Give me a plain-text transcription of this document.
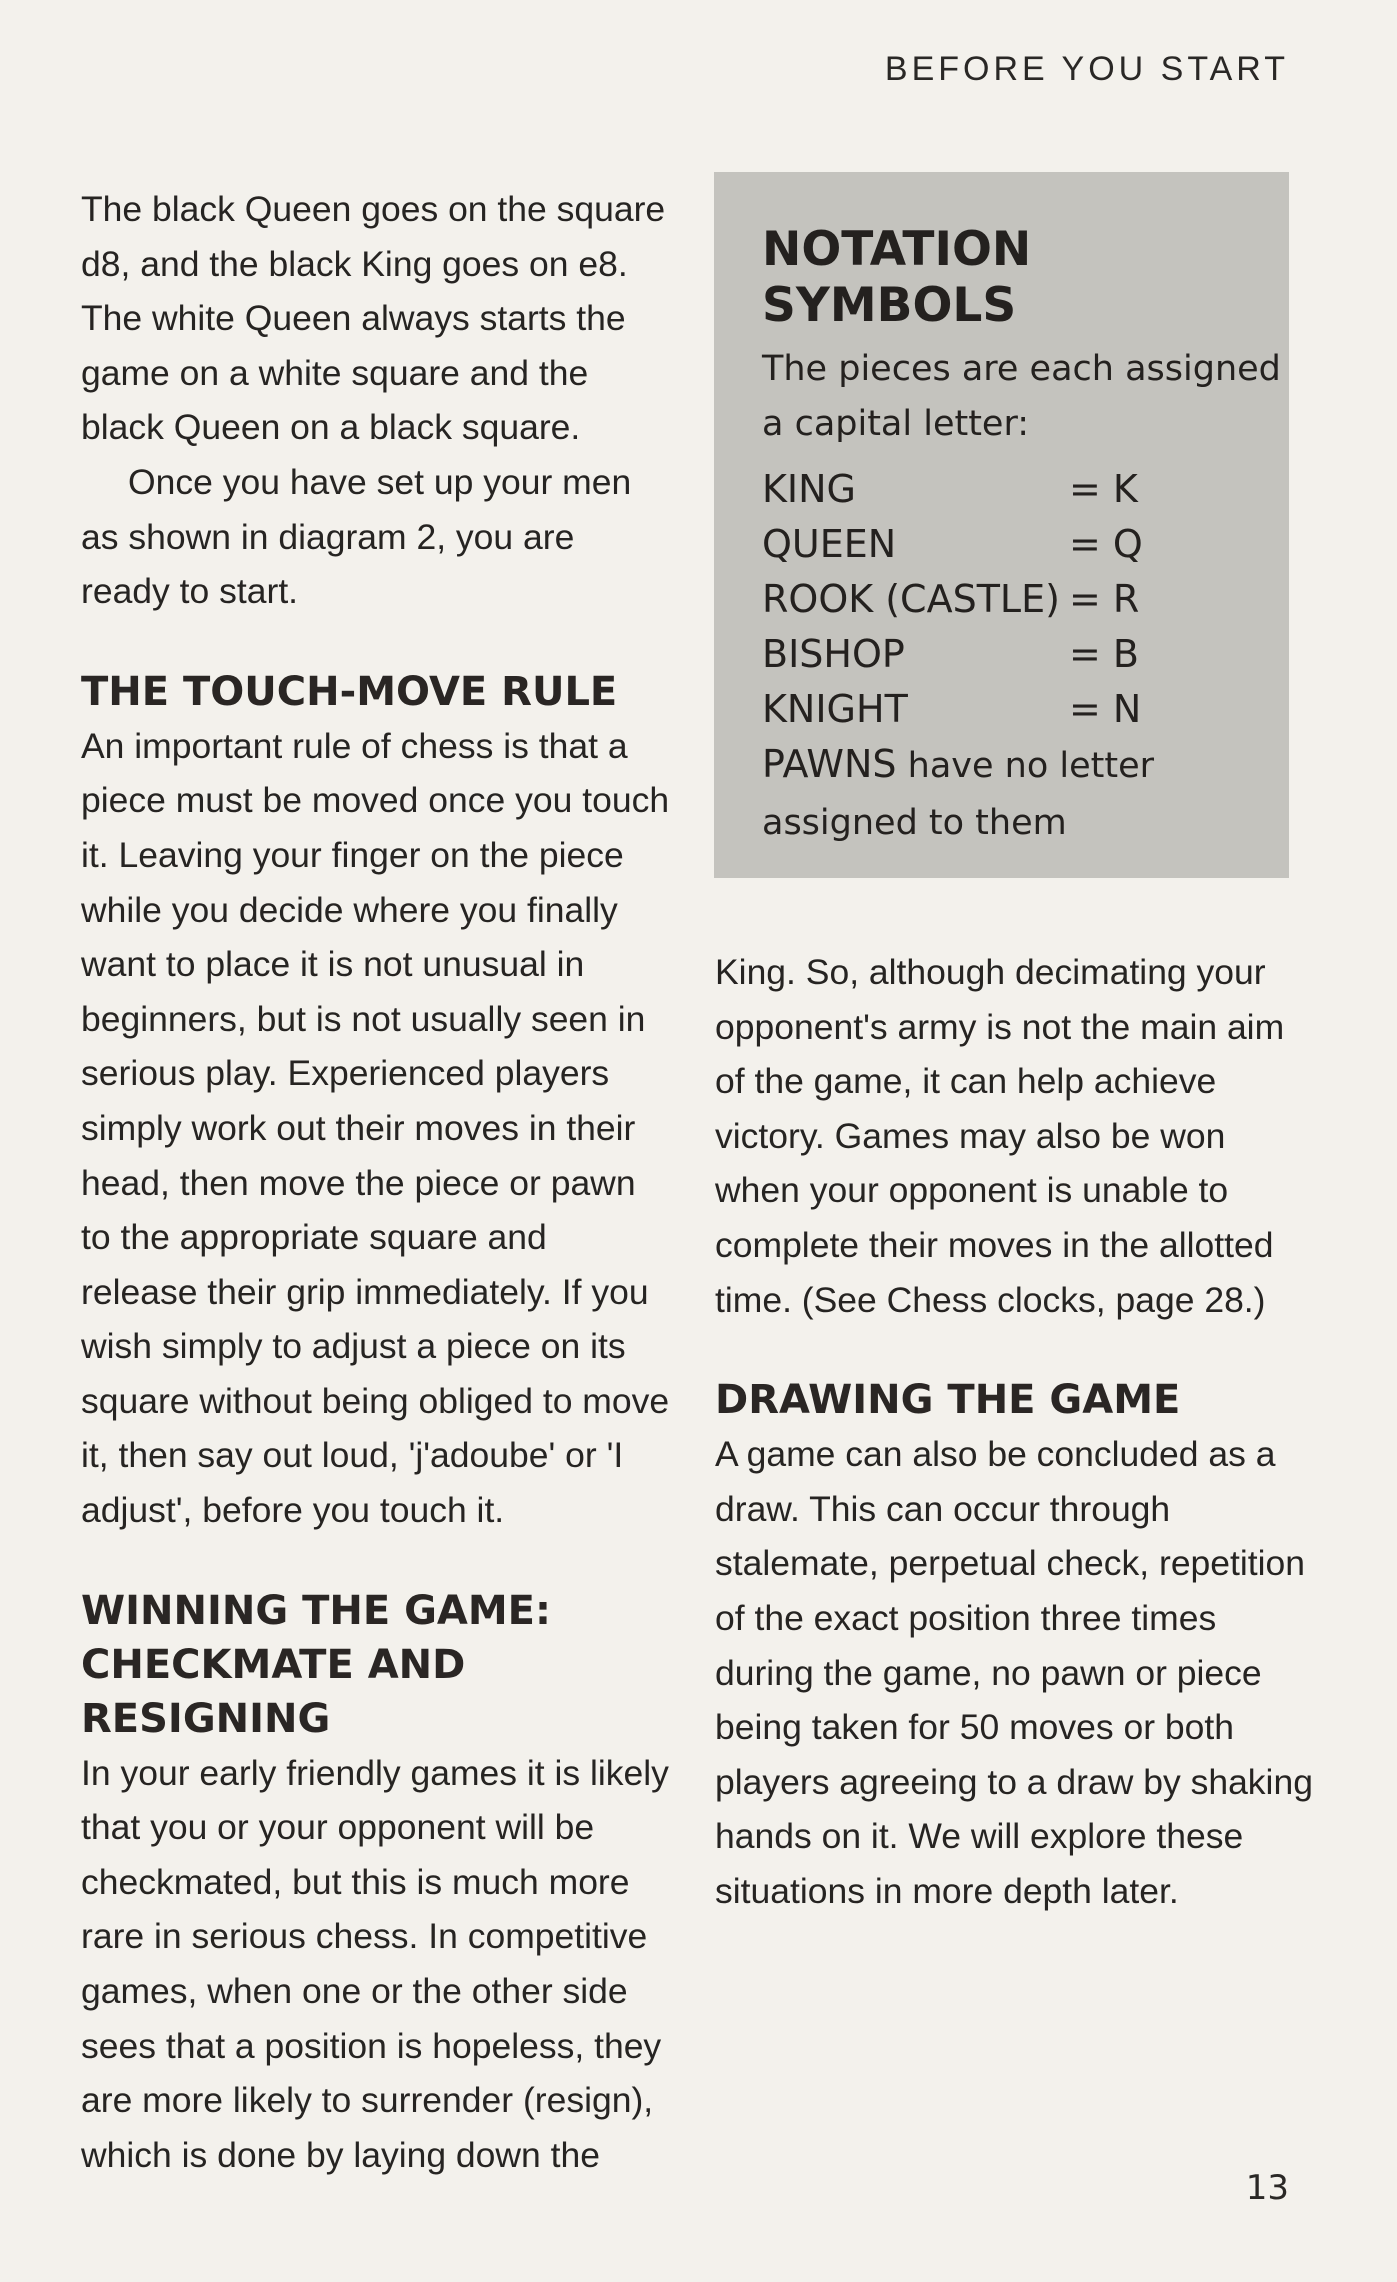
BEFORE YOU START

The black Queen goes on the square d8, and the black King goes on e8. The white Queen always starts the game on a white square and the black Queen on a black square.

Once you have set up your men as shown in diagram 2, you are ready to start.

THE TOUCH-MOVE RULE

An important rule of chess is that a piece must be moved once you touch it. Leaving your finger on the piece while you decide where you finally want to place it is not unusual in beginners, but is not usually seen in serious play. Experienced players simply work out their moves in their head, then move the piece or pawn to the appropriate square and release their grip immediately. If you wish simply to adjust a piece on its square without being obliged to move it, then say out loud, 'j'adoube' or 'I adjust', before you touch it.

WINNING THE GAME:
CHECKMATE AND RESIGNING

In your early friendly games it is likely that you or your opponent will be checkmated, but this is much more rare in serious chess. In competitive games, when one or the other side sees that a position is hopeless, they are more likely to surrender (resign), which is done by laying down the

NOTATION SYMBOLS

The pieces are each assigned a capital letter:

KING	= K
QUEEN	= Q
ROOK (CASTLE) = R
BISHOP	= B
KNIGHT	= N
PAWNS have no letter assigned to them

King. So, although decimating your opponent's army is not the main aim of the game, it can help achieve victory. Games may also be won when your opponent is unable to complete their moves in the allotted time. (See Chess clocks, page 28.)

DRAWING THE GAME

A game can also be concluded as a draw. This can occur through stalemate, perpetual check, repetition of the exact position three times during the game, no pawn or piece being taken for 50 moves or both players agreeing to a draw by shaking hands on it. We will explore these situations in more depth later.

13
